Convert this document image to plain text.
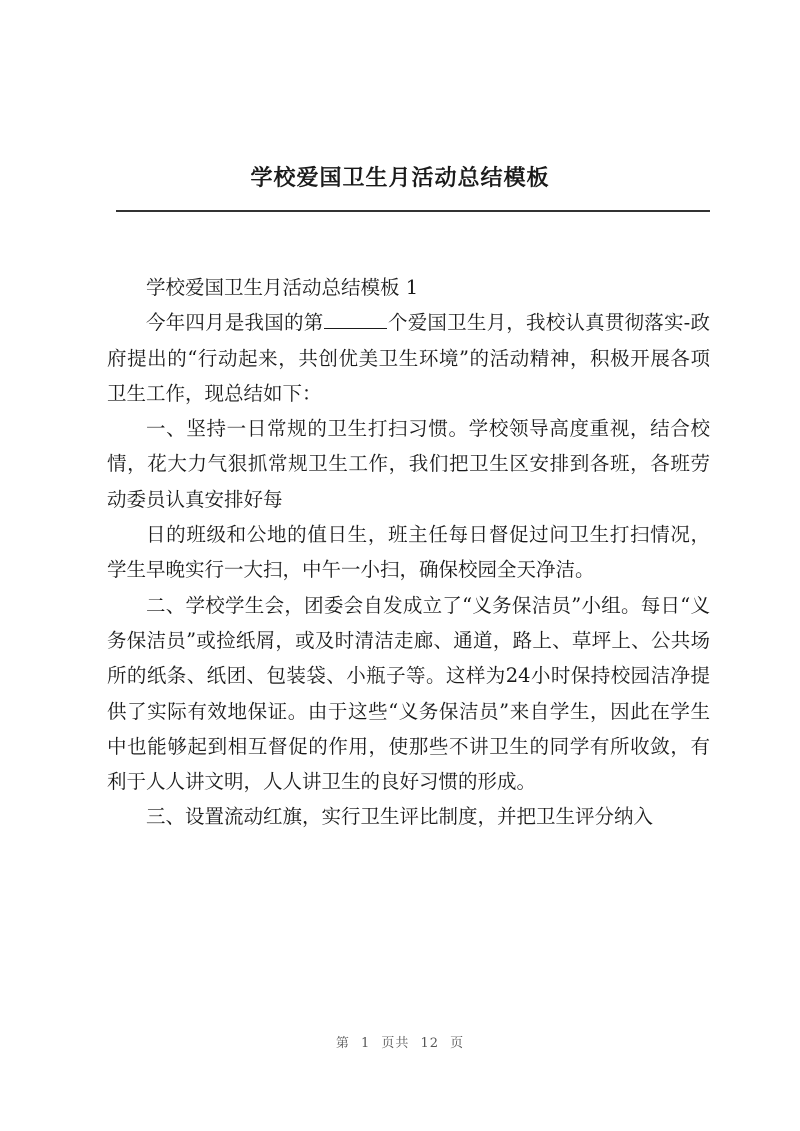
学校爱国卫生月活动总结模板

学校爱国卫生月活动总结模板 1

今年四月是我国的第	个爱国卫生月，我校认真贯彻落实-政府提出的“行动起来，共创优美卫生环境”的活动精神，积极开展各项卫生工作，现总结如下：

一、坚持一日常规的卫生打扫习惯。学校领导高度重视，结合校情，花大力气狠抓常规卫生工作，我们把卫生区安排到各班，各班劳动委员认真安排好每

日的班级和公地的值日生，班主任每日督促过问卫生打扫情况，学生早晚实行一大扫，中午一小扫，确保校园全天净洁。

二、学校学生会，团委会自发成立了“义务保洁员”小组。每日“义务保洁员”或捡纸屑，或及时清洁走廊、通道，路上、草坪上、公共场所的纸条、纸团、包装袋、小瓶子等。这样为24小时保持校园洁净提供了实际有效地保证。由于这些“义务保洁员”来自学生，因此在学生中也能够起到相互督促的作用，使那些不讲卫生的同学有所收敛，有利于人人讲文明，人人讲卫生的良好习惯的形成。

三、设置流动红旗，实行卫生评比制度，并把卫生评分纳入

第 1 页共 12 页
